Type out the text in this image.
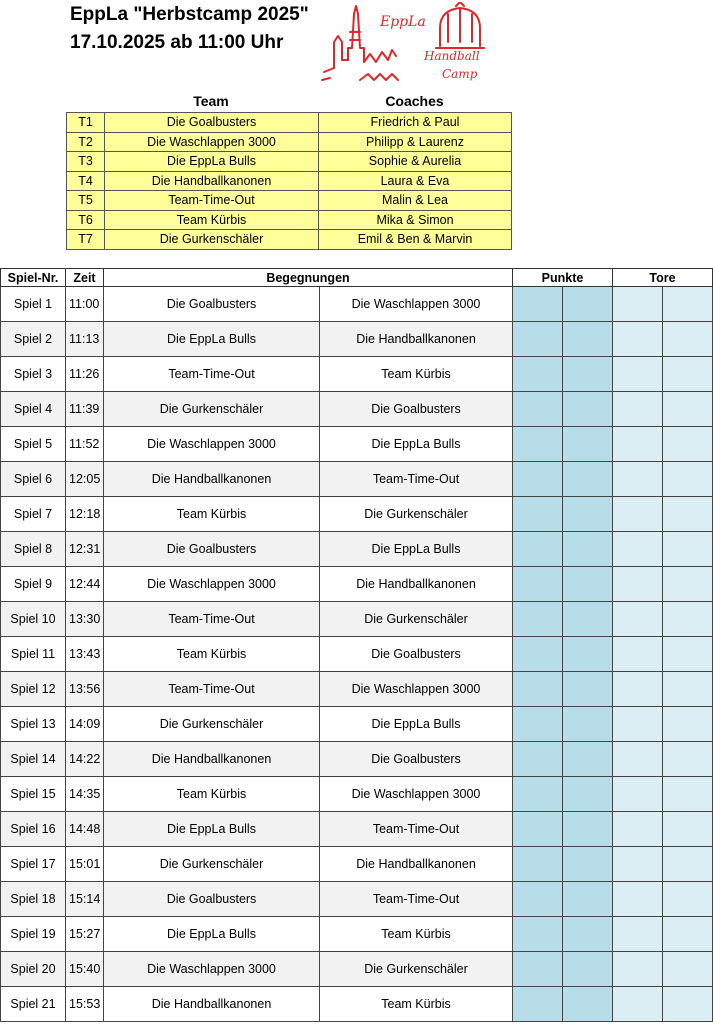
EppLa "Herbstcamp 2025"
17.10.2025 ab 11:00 Uhr
EppLa
Handball
Camp
Team	Coaches
T1	Die Goalbusters	Friedrich & Paul
T2	Die Waschlappen 3000	Philipp & Laurenz
T3	Die EppLa Bulls	Sophie & Aurelia
T4	Die Handballkanonen	Laura & Eva
T5	Team-Time-Out	Malin & Lea
T6	Team Kürbis	Mika & Simon
T7	Die Gurkenschäler	Emil & Ben & Marvin
Spiel-Nr.	Zeit	Begegnungen		Punkte		Tore	
Spiel 1	11:00	Die Goalbusters	Die Waschlappen 3000				
Spiel 2	11:13	Die EppLa Bulls	Die Handballkanonen				
Spiel 3	11:26	Team-Time-Out	Team Kürbis				
Spiel 4	11:39	Die Gurkenschäler	Die Goalbusters				
Spiel 5	11:52	Die Waschlappen 3000	Die EppLa Bulls				
Spiel 6	12:05	Die Handballkanonen	Team-Time-Out				
Spiel 7	12:18	Team Kürbis	Die Gurkenschäler				
Spiel 8	12:31	Die Goalbusters	Die EppLa Bulls				
Spiel 9	12:44	Die Waschlappen 3000	Die Handballkanonen				
Spiel 10	13:30	Team-Time-Out	Die Gurkenschäler				
Spiel 11	13:43	Team Kürbis	Die Goalbusters				
Spiel 12	13:56	Team-Time-Out	Die Waschlappen 3000				
Spiel 13	14:09	Die Gurkenschäler	Die EppLa Bulls				
Spiel 14	14:22	Die Handballkanonen	Die Goalbusters				
Spiel 15	14:35	Team Kürbis	Die Waschlappen 3000				
Spiel 16	14:48	Die EppLa Bulls	Team-Time-Out				
Spiel 17	15:01	Die Gurkenschäler	Die Handballkanonen				
Spiel 18	15:14	Die Goalbusters	Team-Time-Out				
Spiel 19	15:27	Die EppLa Bulls	Team Kürbis				
Spiel 20	15:40	Die Waschlappen 3000	Die Gurkenschäler				
Spiel 21	15:53	Die Handballkanonen	Team Kürbis				
